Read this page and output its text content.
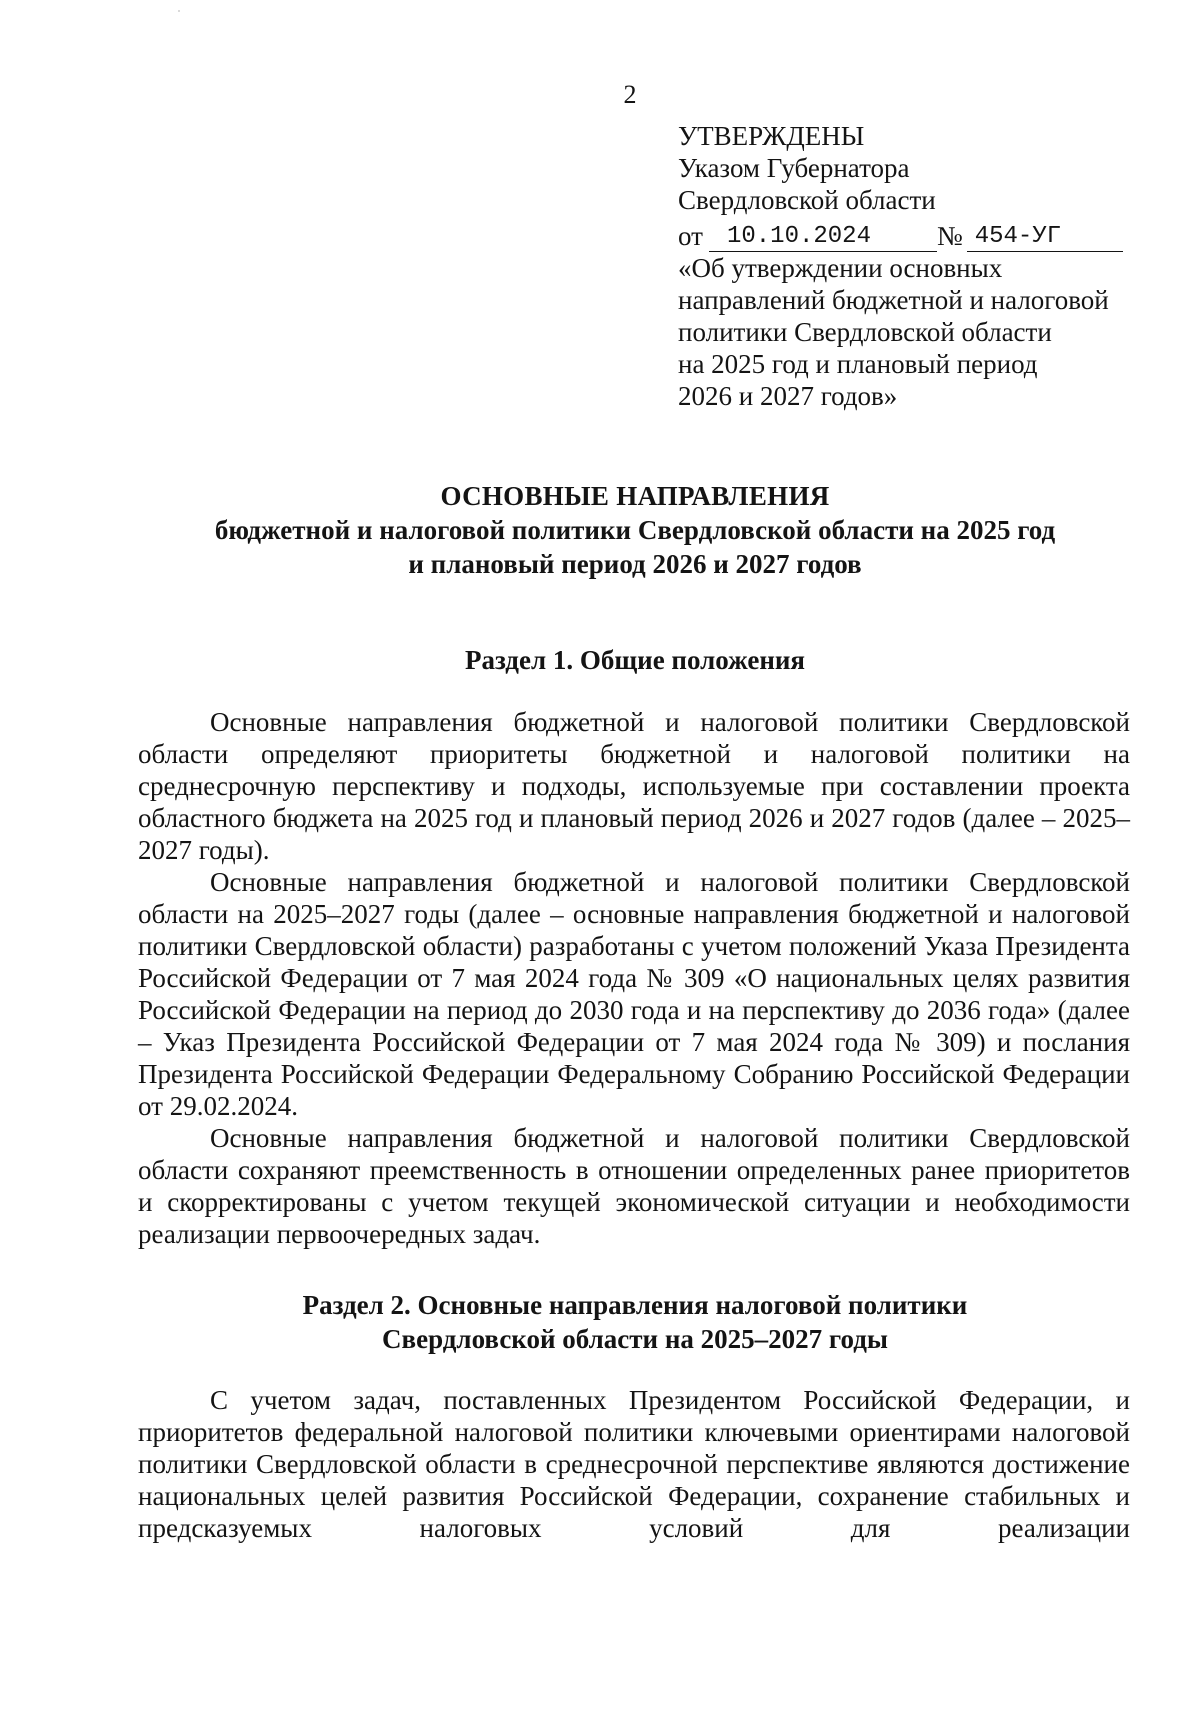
2
УТВЕРЖДЕНЫ
Указом Губернатора
Свердловской области
от	10.10.2024	№ 454-УГ
«Об утверждении основных
направлений бюджетной и налоговой
политики Свердловской области
на 2025 год и плановый период
2026 и 2027 годов»
ОСНОВНЫЕ НАПРАВЛЕНИЯ
бюджетной и налоговой политики Свердловской области на 2025 год
и плановый период 2026 и 2027 годов
Раздел 1. Общие положения

Основные направления бюджетной и налоговой политики Свердловской области определяют приоритеты бюджетной и налоговой политики на среднесрочную перспективу и подходы, используемые при составлении проекта областного бюджета на 2025 год и плановый период 2026 и 2027 годов (далее – 2025–2027 годы).

Основные направления бюджетной и налоговой политики Свердловской области на 2025–2027 годы (далее – основные направления бюджетной и налоговой политики Свердловской области) разработаны с учетом положений Указа Президента Российской Федерации от 7 мая 2024 года № 309 «О национальных целях развития Российской Федерации на период до 2030 года и на перспективу до 2036 года» (далее – Указ Президента Российской Федерации от 7 мая 2024 года № 309) и послания Президента Российской Федерации Федеральному Собранию Российской Федерации от 29.02.2024.

Основные направления бюджетной и налоговой политики Свердловской области сохраняют преемственность в отношении определенных ранее приоритетов и скорректированы с учетом текущей экономической ситуации и необходимости реализации первоочередных задач.

Раздел 2. Основные направления налоговой политики
Свердловской области на 2025–2027 годы

С учетом задач, поставленных Президентом Российской Федерации, и приоритетов федеральной налоговой политики ключевыми ориентирами налоговой политики Свердловской области в среднесрочной перспективе являются достижение национальных целей развития Российской Федерации, сохранение стабильных и предсказуемых налоговых условий для реализации
